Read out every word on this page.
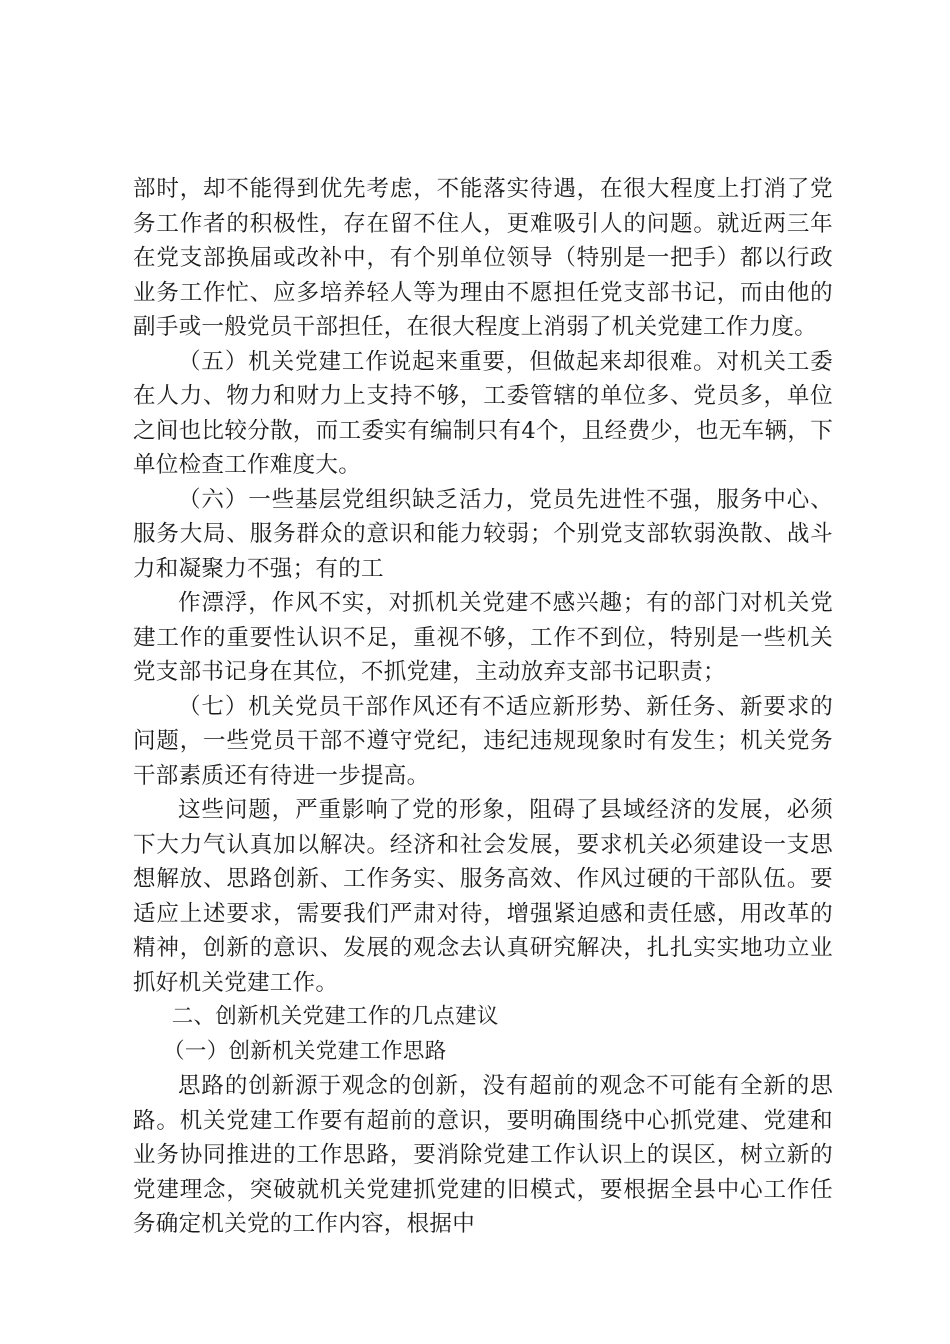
部时，却不能得到优先考虑，不能落实待遇，在很大程度上打消了党务工作者的积极性，存在留不住人，更难吸引人的问题。就近两三年在党支部换届或改补中，有个别单位领导（特别是一把手）都以行政业务工作忙、应多培养轻人等为理由不愿担任党支部书记，而由他的副手或一般党员干部担任，在很大程度上消弱了机关党建工作力度。

（五）机关党建工作说起来重要，但做起来却很难。对机关工委在人力、物力和财力上支持不够，工委管辖的单位多、党员多，单位之间也比较分散，而工委实有编制只有4个，且经费少，也无车辆，下单位检查工作难度大。

（六）一些基层党组织缺乏活力，党员先进性不强，服务中心、服务大局、服务群众的意识和能力较弱；个别党支部软弱涣散、战斗力和凝聚力不强；有的工

作漂浮，作风不实，对抓机关党建不感兴趣；有的部门对机关党建工作的重要性认识不足，重视不够，工作不到位，特别是一些机关党支部书记身在其位，不抓党建，主动放弃支部书记职责；

（七）机关党员干部作风还有不适应新形势、新任务、新要求的问题，一些党员干部不遵守党纪，违纪违规现象时有发生；机关党务干部素质还有待进一步提高。

这些问题，严重影响了党的形象，阻碍了县域经济的发展，必须下大力气认真加以解决。经济和社会发展，要求机关必须建设一支思想解放、思路创新、工作务实、服务高效、作风过硬的干部队伍。要适应上述要求，需要我们严肃对待，增强紧迫感和责任感，用改革的精神，创新的意识、发展的观念去认真研究解决，扎扎实实地功立业抓好机关党建工作。

二、创新机关党建工作的几点建议

（一）创新机关党建工作思路

思路的创新源于观念的创新，没有超前的观念不可能有全新的思路。机关党建工作要有超前的意识，要明确围绕中心抓党建、党建和业务协同推进的工作思路，要消除党建工作认识上的误区，树立新的党建理念，突破就机关党建抓党建的旧模式，要根据全县中心工作任务确定机关党的工作内容，根据中
